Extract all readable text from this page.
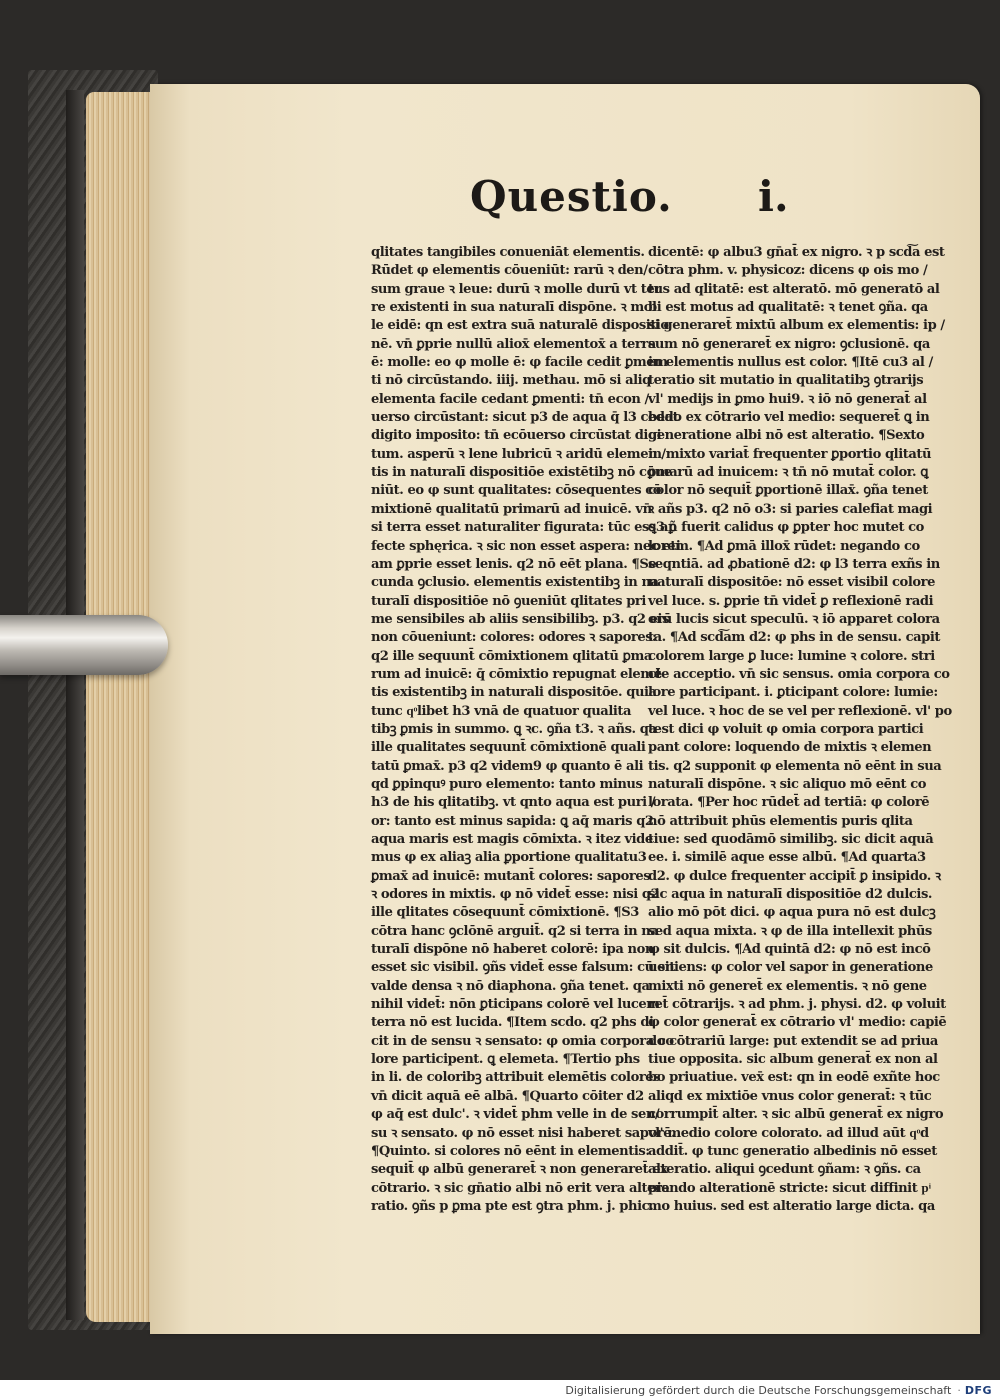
Questio. i.
qlitates tangibiles conueniāt elementis.
Rūdet φ elementis cōueniūt: rarū ꝛ den/
sum graue ꝛ leue: durū ꝛ molle durū vt ter
re existenti in sua naturalī dispōne. ꝛ mol
le eidē: qn est extra suā naturalē dispositio
nē. vn̄ ꝑprie nullū aliox̄ elementox̄ a terra
ē: molle: eo φ molle ē: φ facile cedit ꝑmem
ti nō circūstando. iiij. methau. mō si aliq
elementa facile cedant ꝑmenti: tn̄ econ /
uerso circūstant: sicut p3 de aqua q̄ l3 cedat
digito imposito: tn̄ ecōuerso circūstat digi
tum. asperū ꝛ lene lubricū ꝛ aridū elemen /
tis in naturalī dispositiōe existētibꝫ nō cōue
niūt. eo φ sunt qualitates: cōsequentes cō
mixtionē qualitatū primarū ad inuicē. vn̄
si terra esset naturaliter figurata: tūc ess3 ꝑ
fecte sphęrica. ꝛ sic non esset aspera: nec eti
am ꝑprie esset lenis. q2 nō eēt plana. ¶Se
cunda ꝯclusio. elementis existentibꝫ in na
turalī dispositiōe nō ꝯueniūt qlitates pri
me sensibiles ab aliis sensibilibꝫ. p3. q2 eis
non cōueniunt: colores: odores ꝛ sapores:
q2 ille sequunt̄ cōmixtionem qlitatū ꝑma
rum ad inuicē: q̄ cōmixtio repugnat elemē
tis existentibꝫ in naturali dispositōe. quia
tunc qͦlibet h3 vnā de quatuor qualita
tibꝫ ꝑmis in summo. ꝗ ꝛc. ꝯña t3. ꝛ añs. qa
ille qualitates sequunt̄ cōmixtionē quali
tatū ꝑmax̄. p3 q2 videm9 φ quanto ē ali
qd ꝑpinquꝰ puro elemento: tanto minus
h3 de his qlitatibꝫ. vt qnto aqua est puri /
or: tanto est minus sapida: ꝗ aq̄ maris q2
aqua maris est magis cōmixta. ꝛ itez vide
mus φ ex aliaꝫ alia ꝑportione qualitatu3
ꝑmax̄ ad inuicē: mutant̄ colores: sapores
ꝛ odores in mixtis. φ nō videt̄ esse: nisi q2
ille qlitates cōsequunt̄ cōmixtionē. ¶S3
cōtra hanc ꝯclōnē arguit̄. q2 si terra in na
turalī dispōne nō haberet colorē: ipa non
esset sic visibil. ꝯñs videt̄ esse falsum: cū sit
valde densa ꝛ nō diaphona. ꝯña tenet. qa
nihil videt̄: nōn ꝑticipans colorē vel lucem
terra nō est lucida. ¶Item scdo. q2 phs di
cit in de sensu ꝛ sensato: φ omia corpora co
lore participent. ꝗ elemeta. ¶Tertio phs
in li. de coloribꝫ attribuit elemētis colores
vn̄ dicit aquā eē albā. ¶Quarto cōiter d2
φ aq̄ est dulc'. ꝛ videt̄ phm velle in de sen/
su ꝛ sensato. φ nō esset nisi haberet saporē.
¶Quinto. si colores nō eēnt in elementis:
sequit̄ φ albū generaret̄ ꝛ non generaret̄ ex
cōtrario. ꝛ sic gn̄atio albi nō erit vera altera
ratio. ꝯñs p ꝑma pte est ꝯtra phm. j. phic.
dicentē: φ albu3 gn̄at̄ ex nigro. ꝛ p scd͠a est
cōtra phm. v. physicoz: dicens φ ois mo /
tus ad qlitatē: est alteratō. mō generatō al
bi est motus ad qualitatē: ꝛ tenet ꝯña. qa
si generaret̄ mixtū album ex elementis: ip /
sum nō generaret̄ ex nigro: ꝯclusionē. qa
in elementis nullus est color. ¶Itē cu3 al /
teratio sit mutatio in qualitatibꝫ ꝯtrarijs
vl' medijs in ꝑmo hui9. ꝛ iō nō generat̄ al
bedo ex cōtrario vel medio: sequeret̄ ꝗ in
generatione albi nō est alteratio. ¶Sexto
in mixto variat̄ frequenter ꝑportio qlitatū
ꝑmarū ad inuicem: ꝛ tn̄ nō mutat̄ color. ꝗ
color nō sequit̄ ꝑportionē illax̄. ꝯña tenet
ꝛ añs p3. q2 nō o3: si paries calefiat magi
ꝗ añ fuerit calidus φ ꝑpter hoc mutet co
lorem. ¶Ad ꝑmā illox̄ rūdet: negando co
seqntiā. ad ꝓbationē d2: φ l3 terra exñs in
naturalī dispositōe: nō esset visibil colore
vel luce. s. ꝑprie tn̄ videt̄ ꝑ reflexionē radi
orū lucis sicut speculū. ꝛ iō apparet colora
ta. ¶Ad scd͠am d2: φ phs in de sensu. capit
colorem large ꝑ luce: lumine ꝛ colore. stri
cte acceptio. vn̄ sic sensus. omia corpora co
lore participant. i. ꝑticipant colore: lumie:
vel luce. ꝛ hoc de se vel per reflexionē. vl' po
test dici φ voluit φ omia corpora partici
pant colore: loquendo de mixtis ꝛ elemen
tis. q2 supponit φ elementa nō eēnt in sua
naturalī dispōne. ꝛ sic aliquo mō eēnt co
lorata. ¶Per hoc rūdet̄ ad tertiā: φ colorē
nō attribuit phūs elementis puris qlita
tiue: sed quodāmō similibꝫ. sic dicit aquā
ee. i. similē aque esse albū. ¶Ad quarta3
d2. φ dulce frequenter accipit̄ ꝑ insipido. ꝛ
sic aqua in naturalī dispositiōe d2 dulcis.
alio mō pōt dici. φ aqua pura nō est dulcꝫ
sed aqua mixta. ꝛ φ de illa intellexit phūs
φ sit dulcis. ¶Ad quintā d2: φ nō est incō
ueniens: φ color vel sapor in generatione
mixti nō generet̄ ex elementis. ꝛ nō gene
ret̄ cōtrarijs. ꝛ ad phm. j. physi. d2. φ voluit
φ color generat̄ ex cōtrario vl' medio: capiē
do cōtrariū large: put extendit se ad priua
tiue opposita. sic album generat̄ ex non al
bo priuatiue. vex̄ est: qn in eodē exñte hoc
aliqd ex mixtiōe vnus color generat̄: ꝛ tūc
corrumpit̄ alter. ꝛ sic albū generat̄ ex nigro
vl' medio colore colorato. ad illud aūt qͦd
addit̄. φ tunc generatio albedinis nō esset
alteratio. aliqui ꝯcedunt ꝯñam: ꝛ ꝯñs. ca
piendo alterationē stricte: sicut diffinit pͥ
mo huius. sed est alteratio large dicta. qa
Digitalisierung gefördert durch die Deutsche Forschungsgemeinschaft · DFG
